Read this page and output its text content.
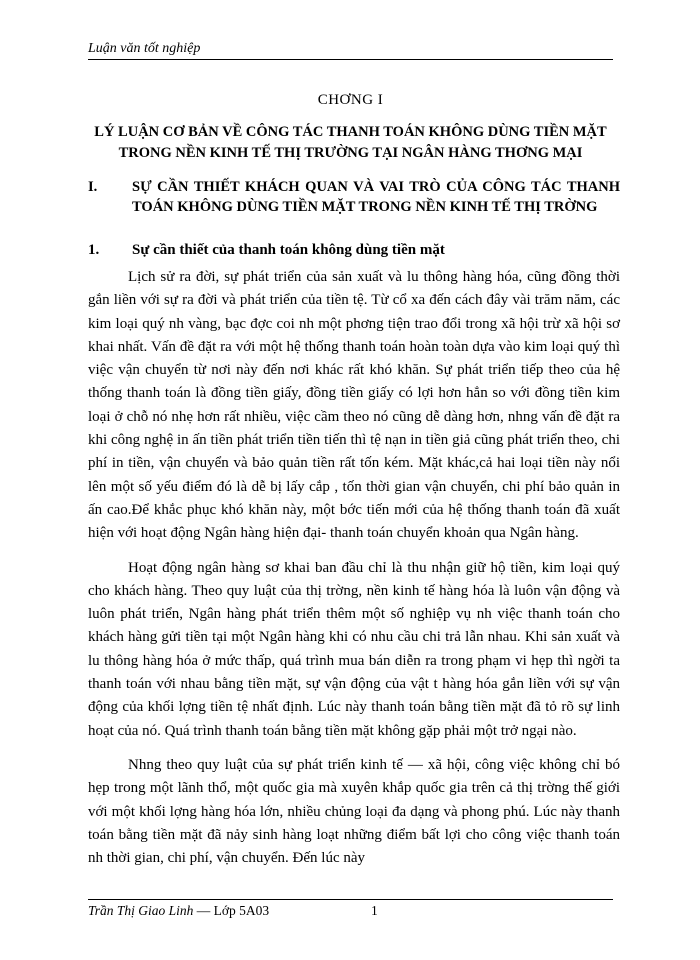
Luận văn tốt nghiệp
CHƠNG I
LÝ LUẬN CƠ BẢN VỀ CÔNG TÁC THANH TOÁN KHÔNG DÙNG TIỀN MẶT TRONG NỀN KINH TẾ THỊ TRƯỜNG TẠI NGÂN HÀNG THƠNG MẠI
I. SỰ CẦN THIẾT KHÁCH QUAN VÀ VAI TRÒ CỦA CÔNG TÁC THANH TOÁN KHÔNG DÙNG TIỀN MẶT TRONG NỀN KINH TẾ THỊ TRỜNG
1. Sự cần thiết của thanh toán không dùng tiền mặt

Lịch sử ra đời, sự phát triển của sản xuất và lu thông hàng hóa, cũng đồng thời gắn liền với sự ra đời và phát triển của tiền tệ. Từ cổ xa đến cách đây vài trăm năm, các kim loại quý nh vàng, bạc đợc coi nh một phơng tiện trao đổi trong xã hội trừ xã hội sơ khai nhất. Vấn đề đặt ra với một hệ thống thanh toán hoàn toàn dựa vào kim loại quý thì việc vận chuyển từ nơi này đến nơi khác rất khó khăn. Sự phát triển tiếp theo của hệ thống thanh toán là đồng tiền giấy, đồng tiền giấy có lợi hơn hẳn so với đồng tiền kim loại ở chỗ nó nhẹ hơn rất nhiều, việc cầm theo nó cũng dễ dàng hơn, nhng vấn đề đặt ra khi công nghệ in ấn tiền phát triển tiền tiến thì tệ nạn in tiền giả cũng phát triển theo, chi phí in tiền, vận chuyển và bảo quản tiền rất tốn kém. Mặt khác,cả hai loại tiền này nổi lên một số yếu điểm đó là dễ bị lấy cắp , tốn thời gian vận chuyển, chi phí bảo quản in ấn cao.Để khắc phục khó khăn này, một bớc tiến mới của hệ thống thanh toán đã xuất hiện với hoạt động Ngân hàng hiện đại- thanh toán chuyển khoản qua Ngân hàng.

Hoạt động ngân hàng sơ khai ban đầu chỉ là thu nhận giữ hộ tiền, kim loại quý cho khách hàng. Theo quy luật của thị trờng, nền kinh tế hàng hóa là luôn vận động và luôn phát triển, Ngân hàng phát triển thêm một số nghiệp vụ nh việc thanh toán cho khách hàng gửi tiền tại một Ngân hàng khi có nhu cầu chi trả lẫn nhau. Khi sản xuất và lu thông hàng hóa ở mức thấp, quá trình mua bán diễn ra trong phạm vi hẹp thì ngời ta thanh toán với nhau bằng tiền mặt, sự vận động của vật t hàng hóa gắn liền với sự vận động của khối lợng tiền tệ nhất định. Lúc này thanh toán bằng tiền mặt đã tỏ rõ sự linh hoạt của nó. Quá trình thanh toán bằng tiền mặt không gặp phải một trở ngại nào.

Nhng theo quy luật của sự phát triển kinh tế — xã hội, công việc không chỉ bó hẹp trong một lãnh thổ, một quốc gia mà xuyên khắp quốc gia trên cả thị trờng thế giới với một khối lợng hàng hóa lớn, nhiều chủng loại đa dạng và phong phú. Lúc này thanh toán bằng tiền mặt đã nảy sinh hàng loạt những điểm bất lợi cho công việc thanh toán nh thời gian, chi phí, vận chuyển. Đến lúc này

Trần Thị Giao Linh — Lớp 5A03	1
